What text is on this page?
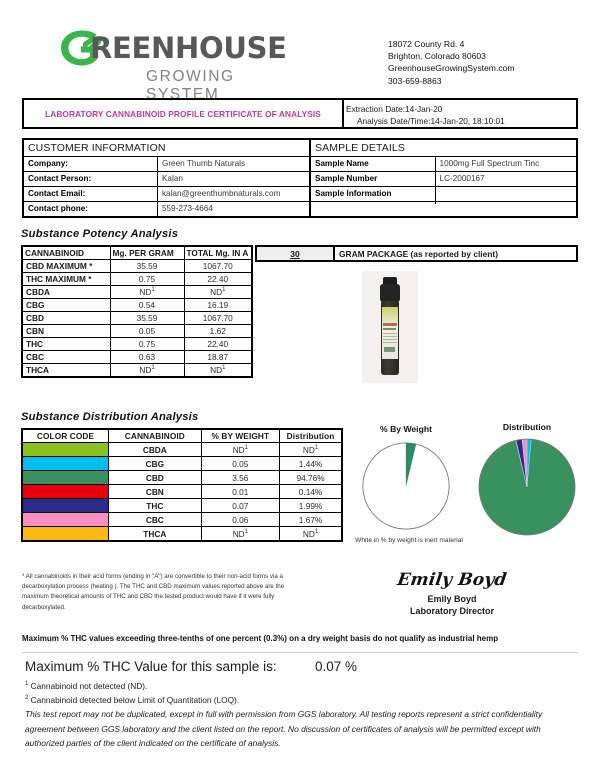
REENHOUSE
GROWING SYSTEM
18072 County Rd. 4
Brighton, Colorado 80603
GreenhouseGrowingSystem.com
303-659-8863
LABORATORY CANNABINOID PROFILE CERTIFICATE OF ANALYSIS	Extraction Date:14-Jan-20
Analysis Date/Time:14-Jan-20, 18:10:01
CUSTOMER INFORMATION
Company:	Green Thumb Naturals
Contact Person:	Kalan
Contact Email:	kalan@greenthumbnaturals.com
Contact phone:	559-273-4664
SAMPLE DETAILS
Sample Name	1000mg Full Spectrum Tinc
Sample Number	LC-2000167
Sample Information
Substance Potency Analysis
CANNABINOID	Mg. PER GRAM	TOTAL Mg. IN A
CBD MAXIMUM *	35.59	1067.70
THC MAXIMUM *	0.75	22.40
CBDA	$ND^1$	$ND^1$
CBG	0.54	16.19
CBD	35.59	1067.70
CBN	0.05	1.62
THC	0.75	22.40
CBC	0.63	18.87
THCA	$ND^1$	$ND^1$
30	GRAM PACKAGE (as reported by client)
Substance Distribution Analysis
COLOR CODE	CANNABINOID	% BY WEIGHT	Distribution

	CBDA	$ND^1$	$ND^1$

	CBG	0.05	1.44%

	CBD	3.56	94.76%

	CBN	0.01	0.14%

	THC	0.07	1.99%

	CBC	0.06	1.67%

	THCA	$ND^1$	$ND^1$
% By Weight	Distribution
White in % by weight is inert material
* All cannabinoids in their acid forms (ending in "A") are convertible to their non-acid forms via a decarboxylation process (heating ). The THC and CBD maximum values reported above are the maximum theoretical amounts of THC and CBD the tested product would have if it were fully decarboxylated.
Emily Boyd
Emily Boyd
Laboratory Director
Maximum % THC values exceeding three-tenths of one percent (0.3%) on a dry weight basis do not qualify as industrial hemp
Maximum % THC Value for this sample is:	0.07 %
$^1$ Cannabinoid not detected (ND).
$^2$ Cannabinoid detected below Limit of Quantitation (LOQ).
This test report may not be duplicated, except in full with permission from GGS laboratory. All testing reports represent a strict confidentiality agreement between GGS laboratory and the client listed on the report. No discussion of certificates of analysis will be permitted except with authorized parties of the client indicated on the certificate of analysis.
